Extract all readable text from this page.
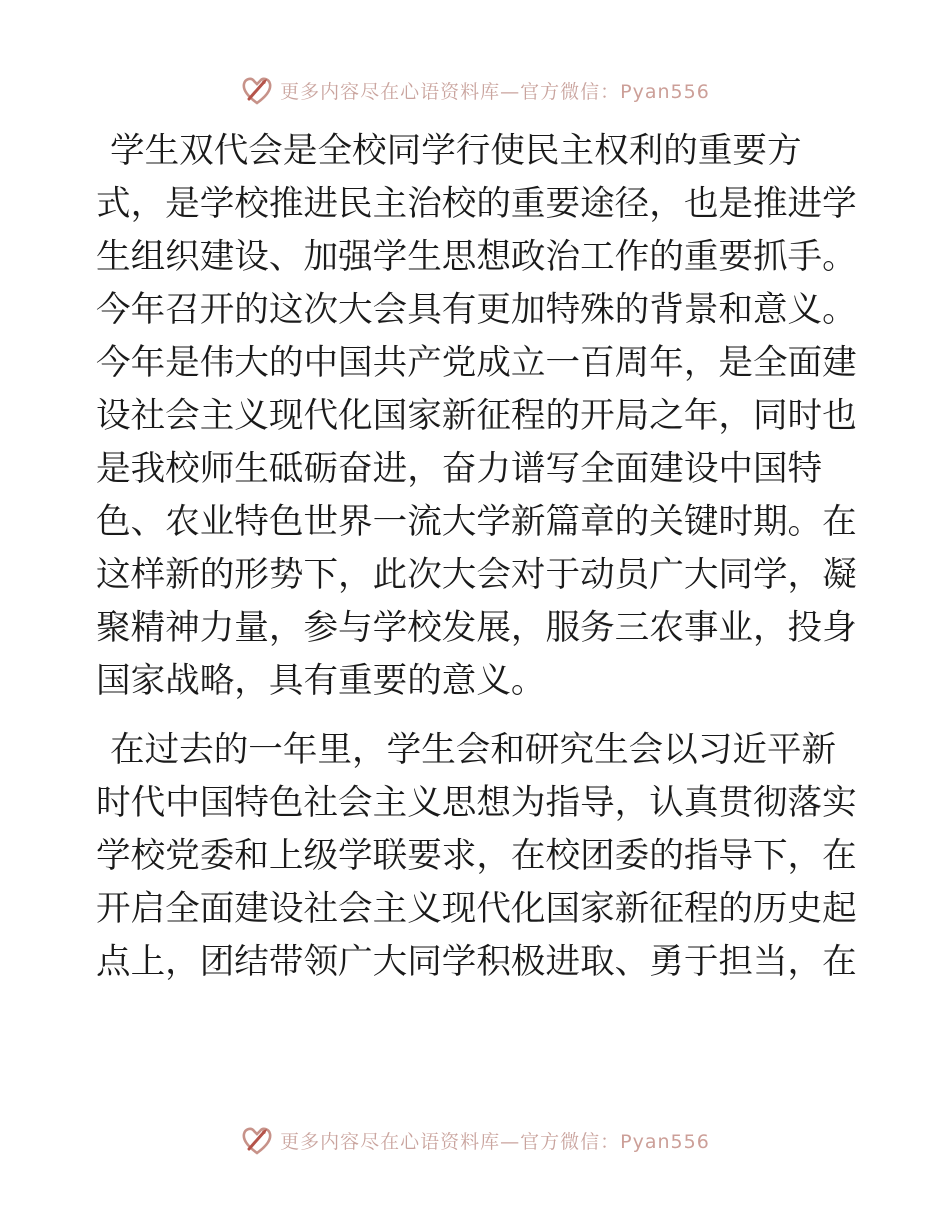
更多内容尽在心语资料库—官方微信：Pyan556
学生双代会是全校同学行使民主权利的重要方
式，是学校推进民主治校的重要途径，也是推进学
生组织建设、加强学生思想政治工作的重要抓手。
今年召开的这次大会具有更加特殊的背景和意义。
今年是伟大的中国共产党成立一百周年，是全面建
设社会主义现代化国家新征程的开局之年，同时也
是我校师生砥砺奋进，奋力谱写全面建设中国特
色、农业特色世界一流大学新篇章的关键时期。在
这样新的形势下，此次大会对于动员广大同学，凝
聚精神力量，参与学校发展，服务三农事业，投身
国家战略，具有重要的意义。
在过去的一年里，学生会和研究生会以习近平新
时代中国特色社会主义思想为指导，认真贯彻落实
学校党委和上级学联要求，在校团委的指导下，在
开启全面建设社会主义现代化国家新征程的历史起
点上，团结带领广大同学积极进取、勇于担当，在
更多内容尽在心语资料库—官方微信：Pyan556
